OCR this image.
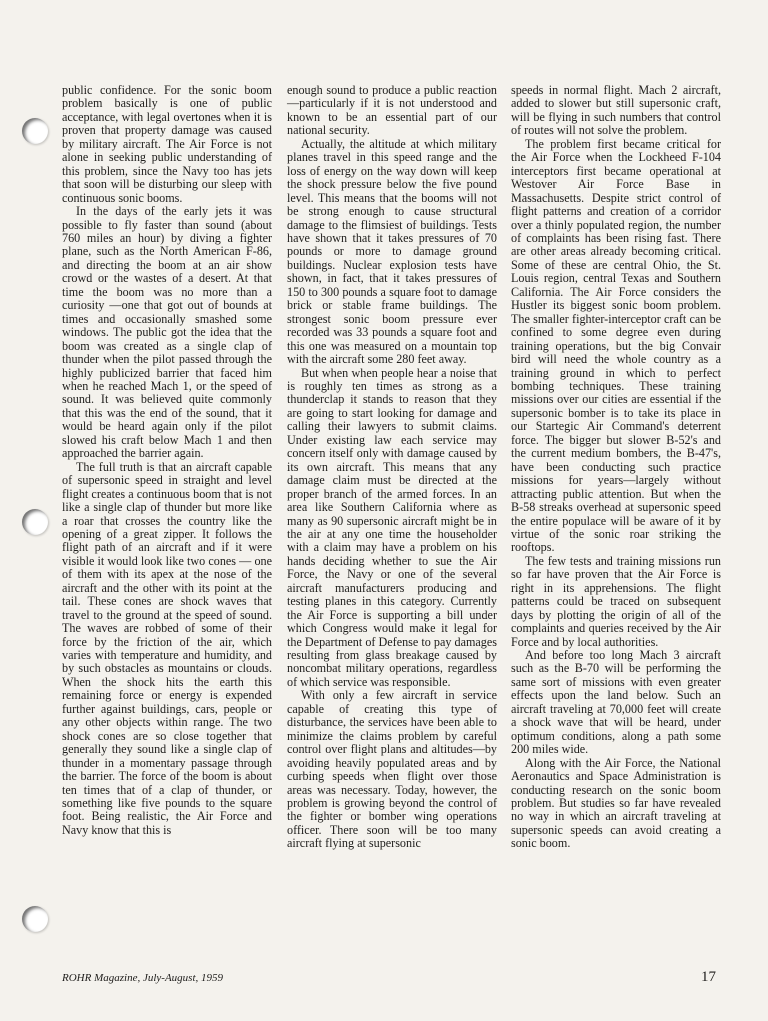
public confidence. For the sonic boom problem basically is one of public acceptance, with legal overtones when it is proven that property damage was caused by military aircraft. The Air Force is not alone in seeking public understanding of this problem, since the Navy too has jets that soon will be disturbing our sleep with continuous sonic booms.

In the days of the early jets it was possible to fly faster than sound (about 760 miles an hour) by diving a fighter plane, such as the North American F-86, and directing the boom at an air show crowd or the wastes of a desert. At that time the boom was no more than a curiosity —one that got out of bounds at times and occasionally smashed some windows. The public got the idea that the boom was created as a single clap of thunder when the pilot passed through the highly publicized barrier that faced him when he reached Mach 1, or the speed of sound. It was believed quite commonly that this was the end of the sound, that it would be heard again only if the pilot slowed his craft below Mach 1 and then approached the barrier again.

The full truth is that an aircraft capable of supersonic speed in straight and level flight creates a continuous boom that is not like a single clap of thunder but more like a roar that crosses the country like the opening of a great zipper. It follows the flight path of an aircraft and if it were visible it would look like two cones — one of them with its apex at the nose of the aircraft and the other with its point at the tail. These cones are shock waves that travel to the ground at the speed of sound. The waves are robbed of some of their force by the friction of the air, which varies with temperature and humidity, and by such obstacles as mountains or clouds. When the shock hits the earth this remaining force or energy is expended further against buildings, cars, people or any other objects within range. The two shock cones are so close together that generally they sound like a single clap of thunder in a momentary passage through the barrier. The force of the boom is about ten times that of a clap of thunder, or something like five pounds to the square foot. Being realistic, the Air Force and Navy know that this is

enough sound to produce a public reaction—particularly if it is not understood and known to be an essential part of our national security.

Actually, the altitude at which military planes travel in this speed range and the loss of energy on the way down will keep the shock pressure below the five pound level. This means that the booms will not be strong enough to cause structural damage to the flimsiest of buildings. Tests have shown that it takes pressures of 70 pounds or more to damage ground buildings. Nuclear explosion tests have shown, in fact, that it takes pressures of 150 to 300 pounds a square foot to damage brick or stable frame buildings. The strongest sonic boom pressure ever recorded was 33 pounds a square foot and this one was measured on a mountain top with the aircraft some 280 feet away.

But when when people hear a noise that is roughly ten times as strong as a thunderclap it stands to reason that they are going to start looking for damage and calling their lawyers to submit claims. Under existing law each service may concern itself only with damage caused by its own aircraft. This means that any damage claim must be directed at the proper branch of the armed forces. In an area like Southern California where as many as 90 supersonic aircraft might be in the air at any one time the householder with a claim may have a problem on his hands deciding whether to sue the Air Force, the Navy or one of the several aircraft manufacturers producing and testing planes in this category. Currently the Air Force is supporting a bill under which Congress would make it legal for the Department of Defense to pay damages resulting from glass breakage caused by noncombat military operations, regardless of which service was responsible.

With only a few aircraft in service capable of creating this type of disturbance, the services have been able to minimize the claims problem by careful control over flight plans and altitudes—by avoiding heavily populated areas and by curbing speeds when flight over those areas was necessary. Today, however, the problem is growing beyond the control of the fighter or bomber wing operations officer. There soon will be too many aircraft flying at supersonic

speeds in normal flight. Mach 2 aircraft, added to slower but still supersonic craft, will be flying in such numbers that control of routes will not solve the problem.

The problem first became critical for the Air Force when the Lockheed F-104 interceptors first became operational at Westover Air Force Base in Massachusetts. Despite strict control of flight patterns and creation of a corridor over a thinly populated region, the number of complaints has been rising fast. There are other areas already becoming critical. Some of these are central Ohio, the St. Louis region, central Texas and Southern California. The Air Force considers the Hustler its biggest sonic boom problem. The smaller fighter-interceptor craft can be confined to some degree even during training operations, but the big Convair bird will need the whole country as a training ground in which to perfect bombing techniques. These training missions over our cities are essential if the supersonic bomber is to take its place in our Startegic Air Command's deterrent force. The bigger but slower B-52's and the current medium bombers, the B-47's, have been conducting such practice missions for years—largely without attracting public attention. But when the B-58 streaks overhead at supersonic speed the entire populace will be aware of it by virtue of the sonic roar striking the rooftops.

The few tests and training missions run so far have proven that the Air Force is right in its apprehensions. The flight patterns could be traced on subsequent days by plotting the origin of all of the complaints and queries received by the Air Force and by local authorities.

And before too long Mach 3 aircraft such as the B-70 will be performing the same sort of missions with even greater effects upon the land below. Such an aircraft traveling at 70,000 feet will create a shock wave that will be heard, under optimum conditions, along a path some 200 miles wide.

Along with the Air Force, the National Aeronautics and Space Administration is conducting research on the sonic boom problem. But studies so far have revealed no way in which an aircraft traveling at supersonic speeds can avoid creating a sonic boom.

ROHR Magazine, July-August, 1959	17
